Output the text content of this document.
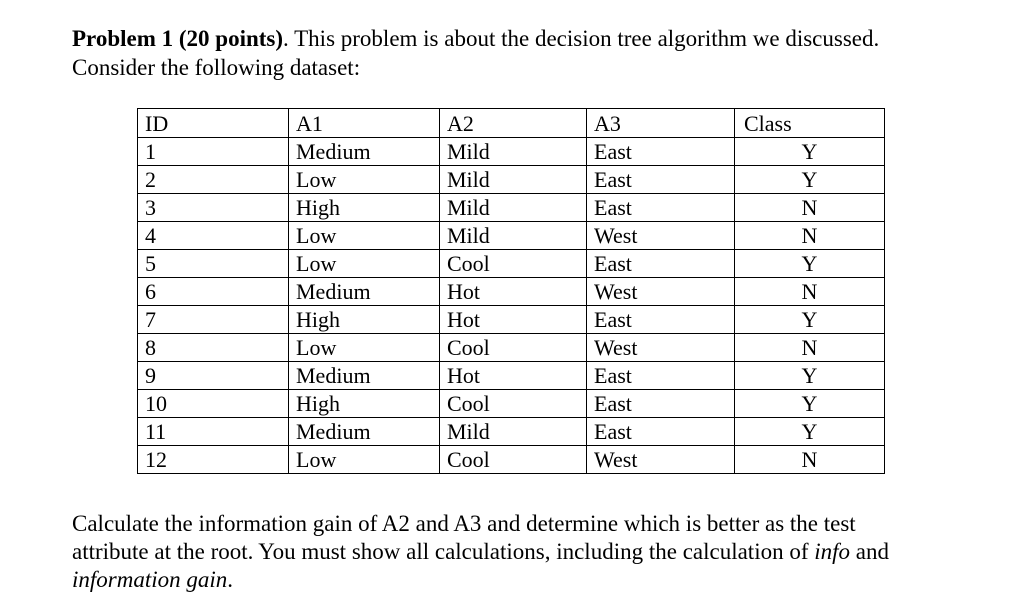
Problem 1 (20 points). This problem is about the decision tree algorithm we discussed.
Consider the following dataset:
ID	A1	A2	A3	Class
1	Medium	Mild	East	Y
2	Low	Mild	East	Y
3	High	Mild	East	N
4	Low	Mild	West	N
5	Low	Cool	East	Y
6	Medium	Hot	West	N
7	High	Hot	East	Y
8	Low	Cool	West	N
9	Medium	Hot	East	Y
10	High	Cool	East	Y
11	Medium	Mild	East	Y
12	Low	Cool	West	N
Calculate the information gain of A2 and A3 and determine which is better as the test
attribute at the root. You must show all calculations, including the calculation of info and
information gain.
